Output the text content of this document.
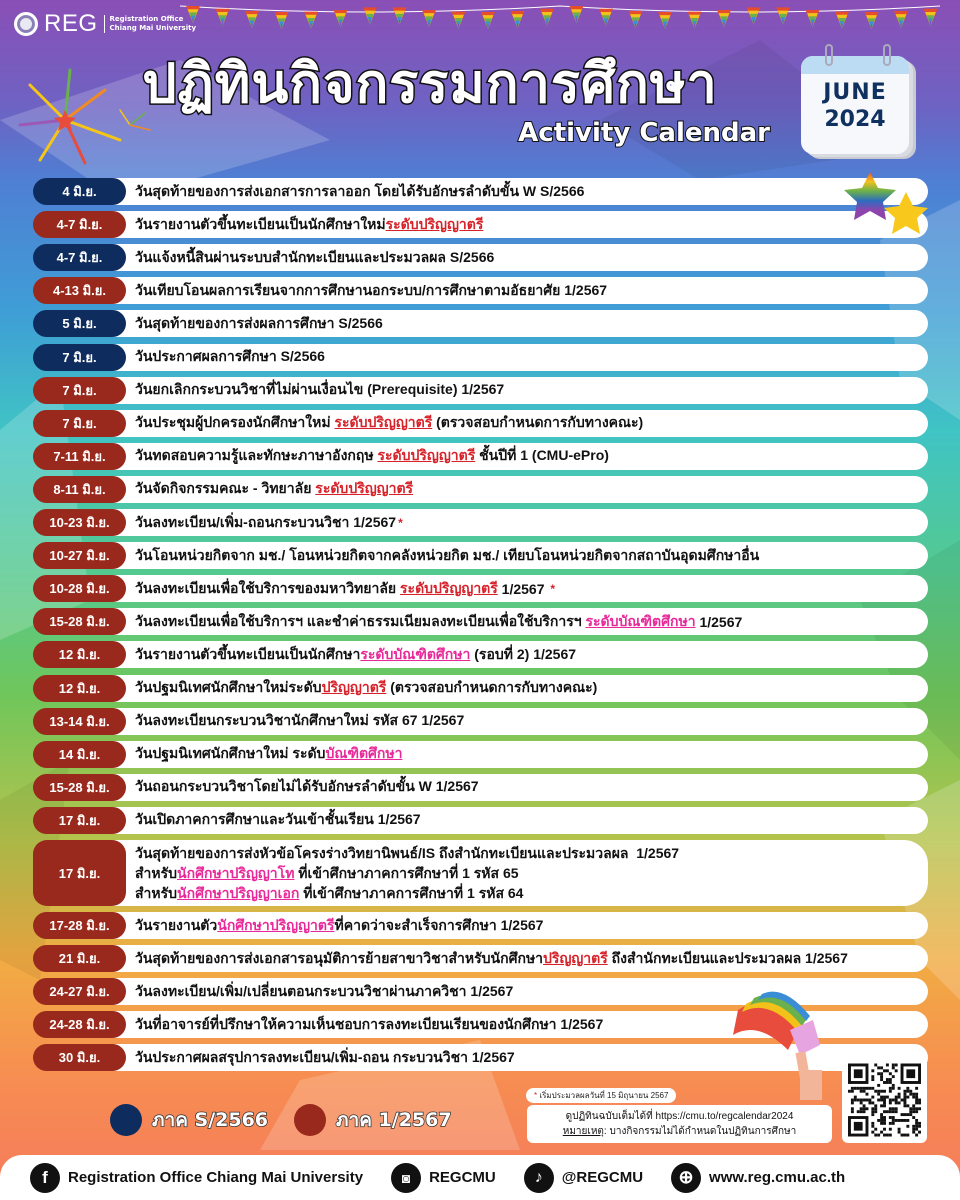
REG Registration Office
Chiang Mai University
ปฏิทินกิจกรรมการศึกษา
Activity Calendar
JUNE
2024
4 มิ.ย.	วันสุดท้ายของการส่งเอกสารการลาออก โดยได้รับอักษรลำดับขั้น W S/2566
4-7 มิ.ย.	วันรายงานตัวขึ้นทะเบียนเป็นนักศึกษาใหม่ ระดับปริญญาตรี
4-7 มิ.ย.	วันแจ้งหนี้สินผ่านระบบสำนักทะเบียนและประมวลผล S/2566
4-13 มิ.ย.	วันเทียบโอนผลการเรียนจากการศึกษานอกระบบ/การศึกษาตามอัธยาศัย 1/2567
5 มิ.ย.	วันสุดท้ายของการส่งผลการศึกษา S/2566
7 มิ.ย.	วันประกาศผลการศึกษา S/2566
7 มิ.ย.	วันยกเลิกกระบวนวิชาที่ไม่ผ่านเงื่อนไข (Prerequisite) 1/2567
7 มิ.ย.	วันประชุมผู้ปกครองนักศึกษาใหม่ ระดับปริญญาตรี (ตรวจสอบกำหนดการกับทางคณะ)
7-11 มิ.ย.	วันทดสอบความรู้และทักษะภาษาอังกฤษ ระดับปริญญาตรี ชั้นปีที่ 1 (CMU-ePro)
8-11 มิ.ย.	วันจัดกิจกรรมคณะ - วิทยาลัย ระดับปริญญาตรี
10-23 มิ.ย.	วันลงทะเบียน/เพิ่ม-ถอนกระบวนวิชา 1/2567 *
10-27 มิ.ย.	วันโอนหน่วยกิตจาก มช./ โอนหน่วยกิตจากคลังหน่วยกิต มช./ เทียบโอนหน่วยกิตจากสถาบันอุดมศึกษาอื่น
10-28 มิ.ย.	วันลงทะเบียนเพื่อใช้บริการของมหาวิทยาลัย ระดับปริญญาตรี 1/2567 *
15-28 มิ.ย.	วันลงทะเบียนเพื่อใช้บริการฯ และชำค่าธรรมเนียมลงทะเบียนเพื่อใช้บริการฯ ระดับบัณฑิตศึกษา 1/2567
12 มิ.ย.	วันรายงานตัวขึ้นทะเบียนเป็นนักศึกษา ระดับบัณฑิตศึกษา (รอบที่ 2) 1/2567
12 มิ.ย.	วันปฐมนิเทศนักศึกษาใหม่ระดับ ปริญญาตรี (ตรวจสอบกำหนดการกับทางคณะ)
13-14 มิ.ย.	วันลงทะเบียนกระบวนวิชานักศึกษาใหม่ รหัส 67 1/2567
14 มิ.ย.	วันปฐมนิเทศนักศึกษาใหม่ ระดับ บัณฑิตศึกษา
15-28 มิ.ย.	วันถอนกระบวนวิชาโดยไม่ได้รับอักษรลำดับขั้น W 1/2567
17 มิ.ย.	วันเปิดภาคการศึกษาและวันเข้าชั้นเรียน 1/2567
17 มิ.ย.
วันสุดท้ายของการส่งหัวข้อโครงร่างวิทยานิพนธ์/IS ถึงสำนักทะเบียนและประมวลผล  1/2567
สำหรับนักศึกษาปริญญาโท ที่เข้าศึกษาภาคการศึกษาที่ 1 รหัส 65
สำหรับนักศึกษาปริญญาเอก ที่เข้าศึกษาภาคการศึกษาที่ 1 รหัส 64
17-28 มิ.ย.	วันรายงานตัว นักศึกษาปริญญาตรี ที่คาดว่าจะสำเร็จการศึกษา 1/2567
21 มิ.ย.	วันสุดท้ายของการส่งเอกสารอนุมัติการย้ายสาขาวิชาสำหรับนักศึกษา ปริญญาตรี ถึงสำนักทะเบียนและประมวลผล 1/2567
24-27 มิ.ย.	วันลงทะเบียน/เพิ่ม/เปลี่ยนตอนกระบวนวิชาผ่านภาควิชา 1/2567
24-28 มิ.ย.	วันที่อาจารย์ที่ปรึกษาให้ความเห็นชอบการลงทะเบียนเรียนของนักศึกษา 1/2567
30 มิ.ย.	วันประกาศผลสรุปการลงทะเบียน/เพิ่ม-ถอน กระบวนวิชา 1/2567
ภาค S/2566	ภาค 1/2567
* เริ่มประมวลผลวันที่ 15 มิถุนายน 2567
ดูปฏิทินฉบับเต็มได้ที่ https://cmu.to/regcalendar2024
หมายเหตุ: บางกิจกรรมไม่ได้กำหนดในปฏิทินการศึกษา
f	Registration Office Chiang Mai University	◙	REGCMU	♪	@REGCMU	⊕	www.reg.cmu.ac.th
